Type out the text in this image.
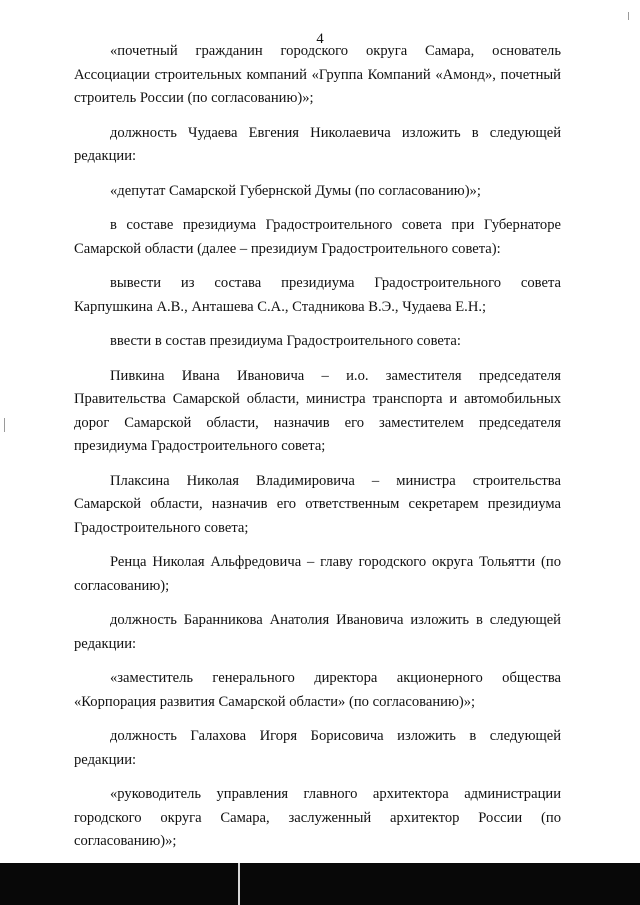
4

«почетный гражданин городского округа Самара, основатель Ассоциации строительных компаний «Группа Компаний «Амонд», почетный строитель России (по согласованию)»;

должность Чудаева Евгения Николаевича изложить в следующей редакции:

«депутат Самарской Губернской Думы (по согласованию)»;

в составе президиума Градостроительного совета при Губернаторе Самарской области (далее – президиум Градостроительного совета):

вывести из состава президиума Градостроительного совета Карпушкина А.В., Анташева С.А., Стадникова В.Э., Чудаева Е.Н.;

ввести в состав президиума Градостроительного совета:

Пивкина Ивана Ивановича – и.о. заместителя председателя Правительства Самарской области, министра транспорта и автомобильных дорог Самарской области, назначив его заместителем председателя президиума Градостроительного совета;

Плаксина Николая Владимировича – министра строительства Самарской области, назначив его ответственным секретарем президиума Градостроительного совета;

Ренца Николая Альфредовича – главу городского округа Тольятти (по согласованию);

должность Баранникова Анатолия Ивановича изложить в следующей редакции:

«заместитель генерального директора акционерного общества «Корпорация развития Самарской области» (по согласованию)»;

должность Галахова Игоря Борисовича изложить в следующей редакции:

«руководитель управления главного архитектора администрации городского округа Самара, заслуженный архитектор России (по согласованию)»;
